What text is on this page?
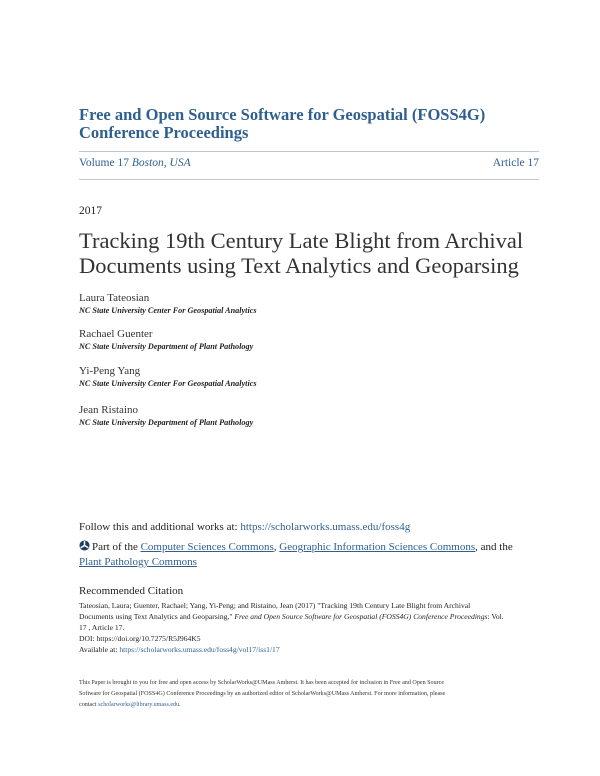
Free and Open Source Software for Geospatial (FOSS4G)
Conference Proceedings
Volume 17 Boston, USA	Article 17
2017
Tracking 19th Century Late Blight from Archival
Documents using Text Analytics and Geoparsing
Laura Tateosian
NC State University Center For Geospatial Analytics
Rachael Guenter
NC State University Department of Plant Pathology
Yi-Peng Yang
NC State University Center For Geospatial Analytics
Jean Ristaino
NC State University Department of Plant Pathology
Follow this and additional works at: https://scholarworks.umass.edu/foss4g
Part of the Computer Sciences Commons, Geographic Information Sciences Commons, and the
Plant Pathology Commons
Recommended Citation
Tateosian, Laura; Guenter, Rachael; Yang, Yi-Peng; and Ristaino, Jean (2017) "Tracking 19th Century Late Blight from Archival
Documents using Text Analytics and Geoparsing," Free and Open Source Software for Geospatial (FOSS4G) Conference Proceedings: Vol.
17 , Article 17.
DOI: https://doi.org/10.7275/R5J964K5
Available at: https://scholarworks.umass.edu/foss4g/vol17/iss1/17
This Paper is brought to you for free and open access by ScholarWorks@UMass Amherst. It has been accepted for inclusion in Free and Open Source
Software for Geospatial (FOSS4G) Conference Proceedings by an authorized editor of ScholarWorks@UMass Amherst. For more information, please
contact scholarworks@library.umass.edu.
